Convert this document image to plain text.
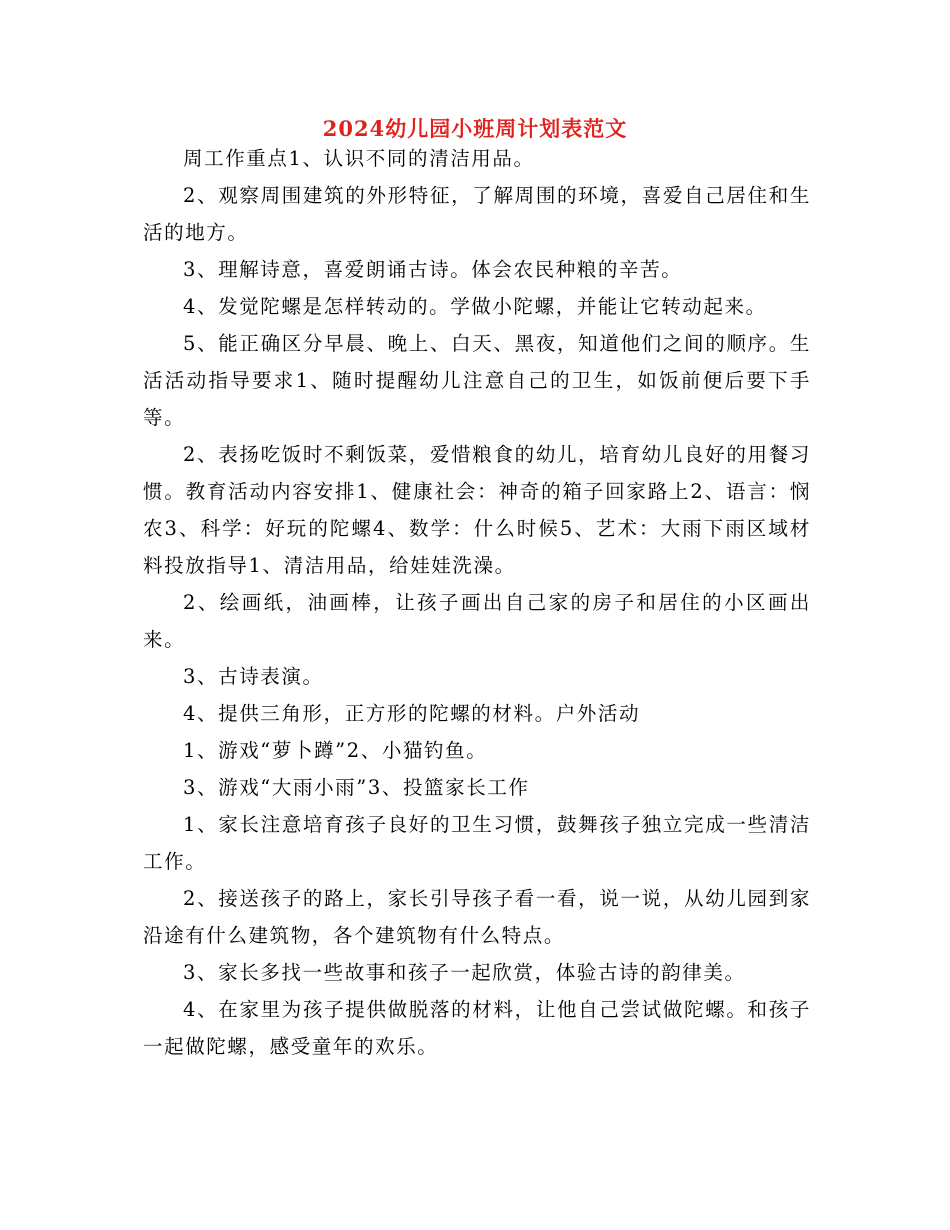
2024幼儿园小班周计划表范文

周工作重点1、认识不同的清洁用品。

2、观察周围建筑的外形特征，了解周围的环境，喜爱自己居住和生活的地方。

3、理解诗意，喜爱朗诵古诗。体会农民种粮的辛苦。

4、发觉陀螺是怎样转动的。学做小陀螺，并能让它转动起来。

5、能正确区分早晨、晚上、白天、黑夜，知道他们之间的顺序。生活活动指导要求1、随时提醒幼儿注意自己的卫生，如饭前便后要下手等。

2、表扬吃饭时不剩饭菜，爱惜粮食的幼儿，培育幼儿良好的用餐习惯。教育活动内容安排1、健康社会：神奇的箱子回家路上2、语言：悯农3、科学：好玩的陀螺4、数学：什么时候5、艺术：大雨下雨区域材料投放指导1、清洁用品，给娃娃洗澡。

2、绘画纸，油画棒，让孩子画出自己家的房子和居住的小区画出来。

3、古诗表演。

4、提供三角形，正方形的陀螺的材料。户外活动

1、游戏“萝卜蹲”2、小猫钓鱼。

3、游戏“大雨小雨”3、投篮家长工作

1、家长注意培育孩子良好的卫生习惯，鼓舞孩子独立完成一些清洁工作。

2、接送孩子的路上，家长引导孩子看一看，说一说，从幼儿园到家沿途有什么建筑物，各个建筑物有什么特点。

3、家长多找一些故事和孩子一起欣赏，体验古诗的韵律美。

4、在家里为孩子提供做脱落的材料，让他自己尝试做陀螺。和孩子一起做陀螺，感受童年的欢乐。
